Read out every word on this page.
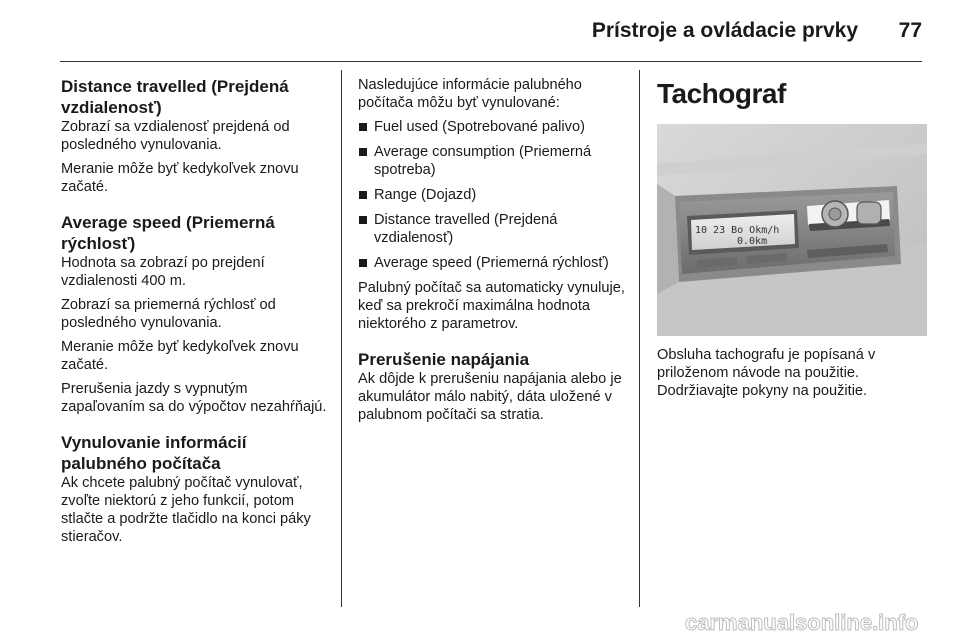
Prístroje a ovládacie prvky	77
Distance travelled (Prejdená
vzdialenosť)

Zobrazí sa vzdialenosť prejdená od posledného vynulovania.

Meranie môže byť kedykoľvek znovu začaté.

Average speed (Priemerná
rýchlosť)

Hodnota sa zobrazí po prejdení vzdialenosti 400 m.

Zobrazí sa priemerná rýchlosť od posledného vynulovania.

Meranie môže byť kedykoľvek znovu začaté.

Prerušenia jazdy s vypnutým zapaľovaním sa do výpočtov nezahŕňajú.

Vynulovanie informácií
palubného počítača

Ak chcete palubný počítač vynulovať, zvoľte niektorú z jeho funkcií, potom stlačte a podržte tlačidlo na konci páky stieračov.

Nasledujúce informácie palubného počítača môžu byť vynulované:

Fuel used (Spotrebované palivo)
Average consumption (Priemerná spotreba)
Range (Dojazd)
Distance travelled (Prejdená vzdialenosť)
Average speed (Priemerná rýchlosť)

Palubný počítač sa automaticky vynuluje, keď sa prekročí maximálna hodnota niektorého z parametrov.

Prerušenie napájania

Ak dôjde k prerušeniu napájania alebo je akumulátor málo nabitý, dáta uložené v palubnom počítači sa stratia.

Tachograf

Obsluha tachografu je popísaná v priloženom návode na použitie. Dodržiavajte pokyny na použitie.

10 23 Bo Okm/h
0.0km
carmanualsonline.info
